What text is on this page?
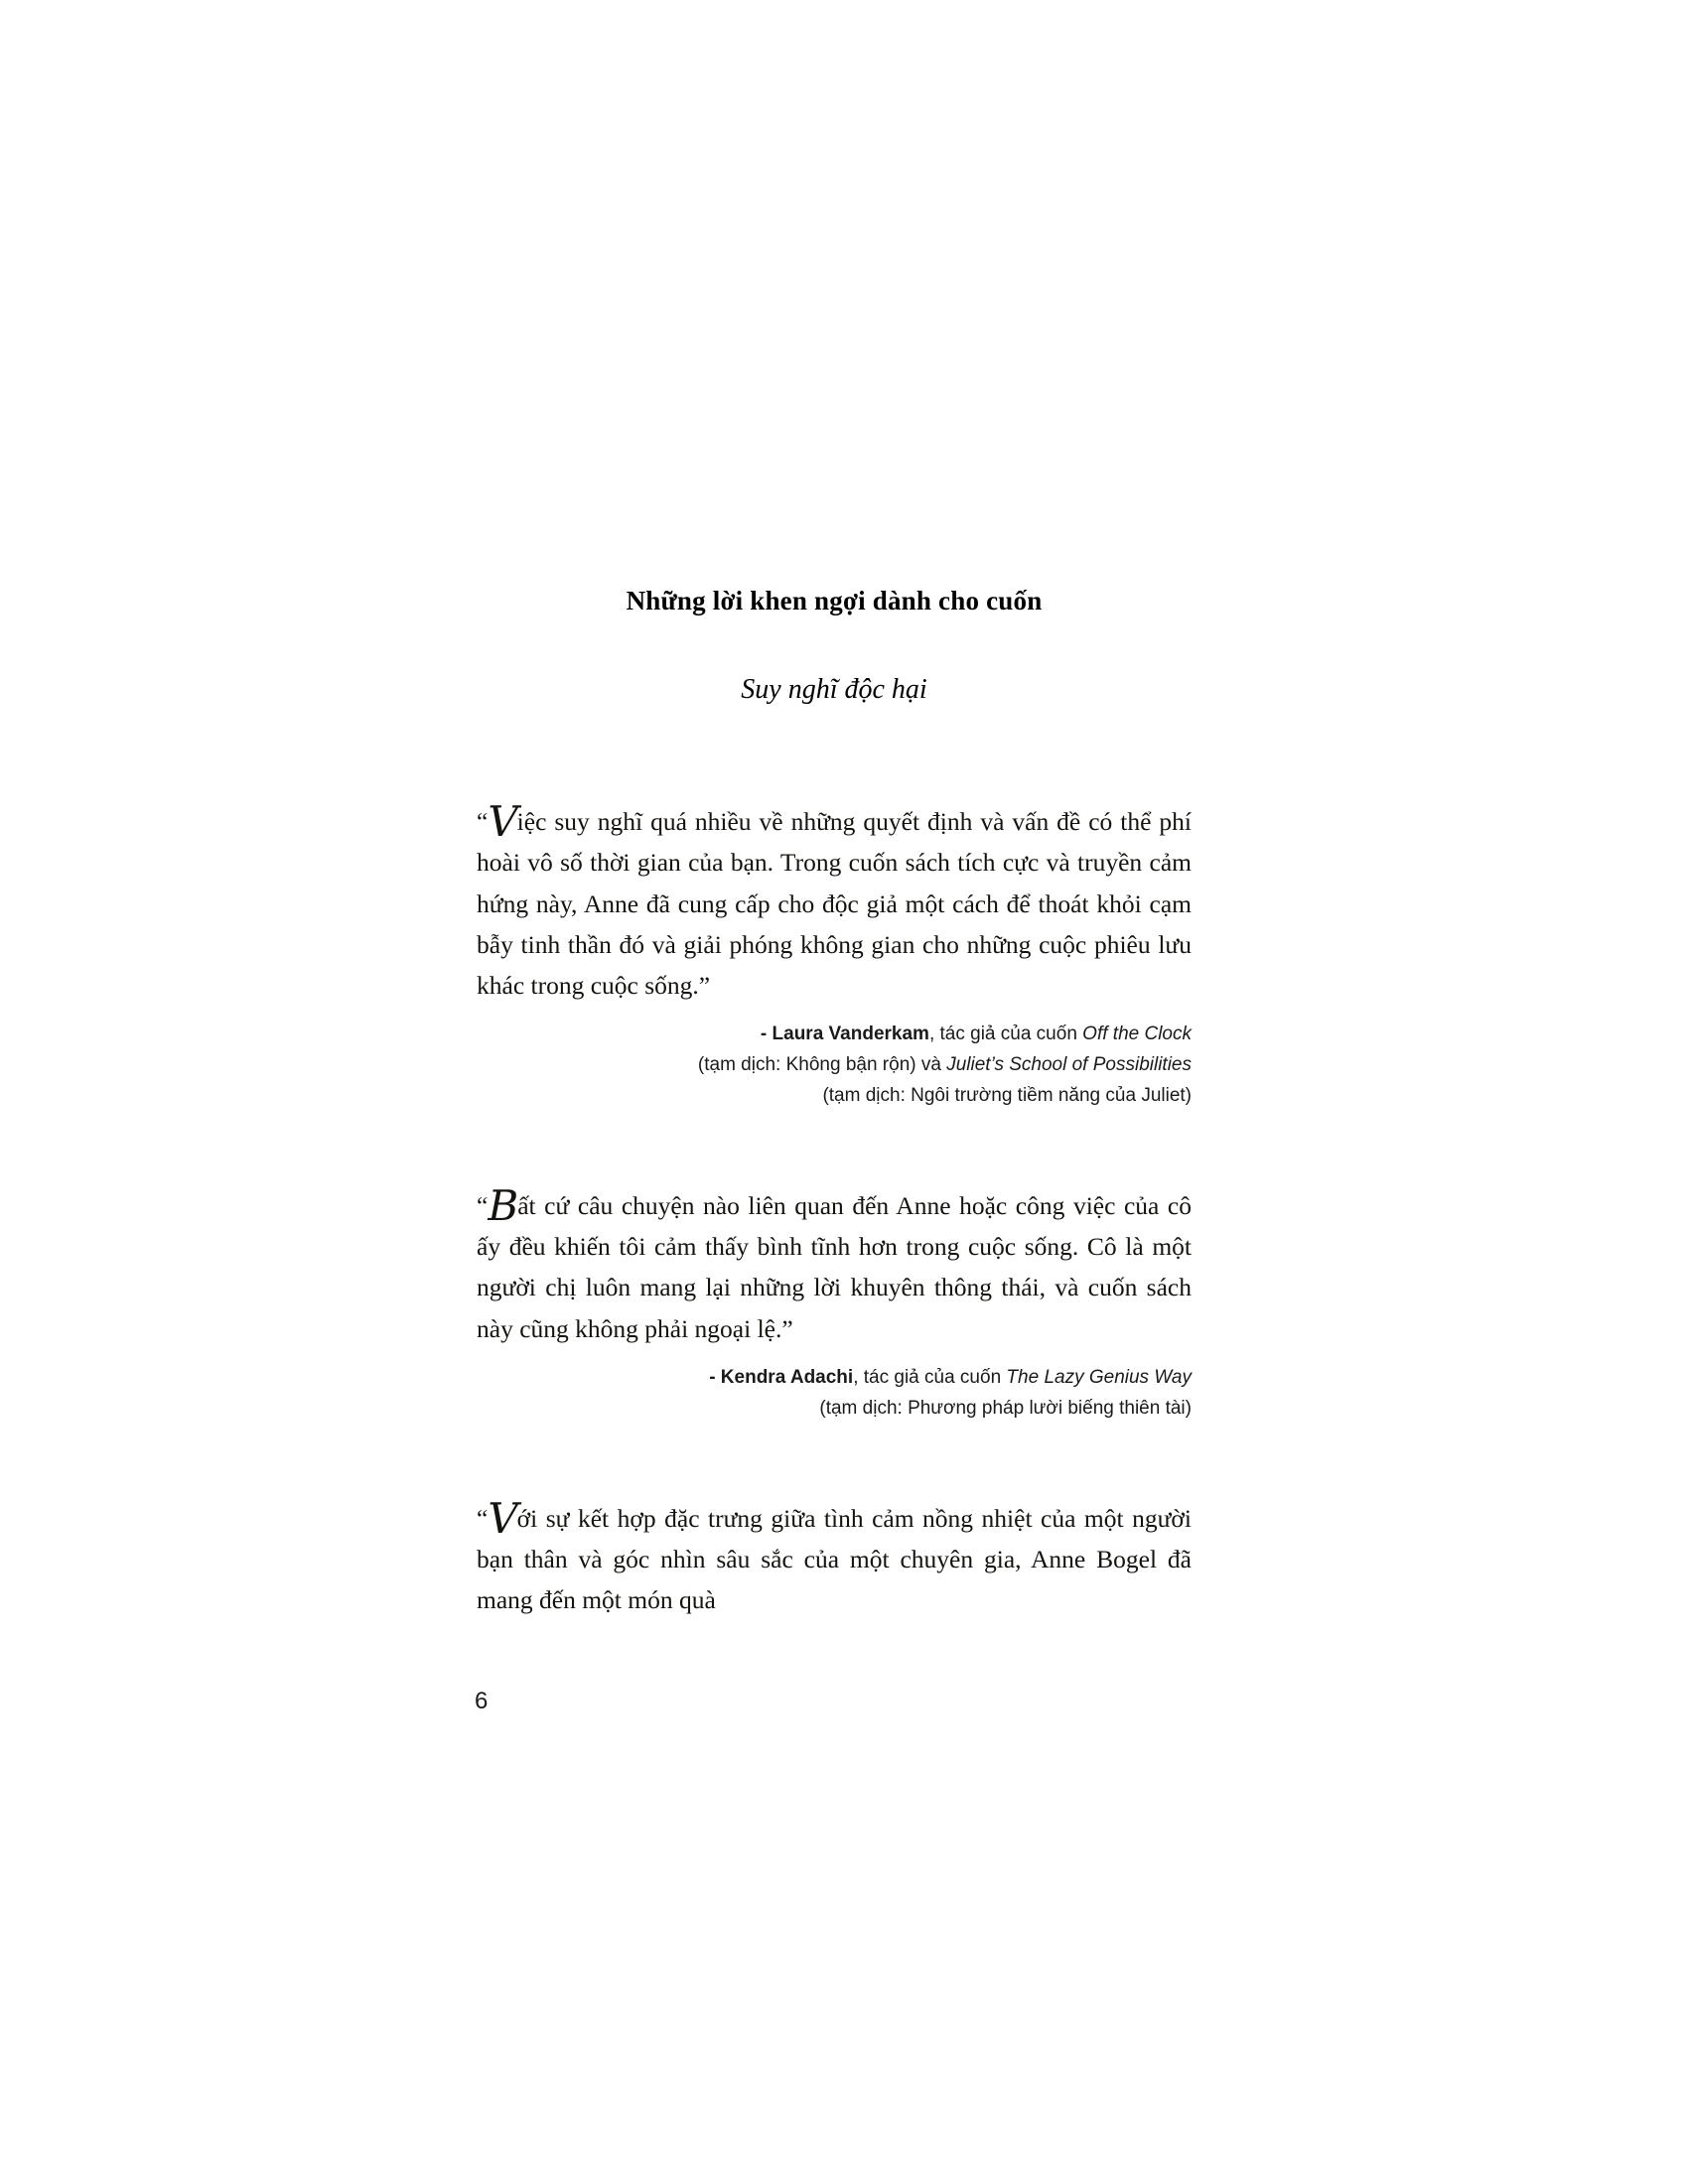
Những lời khen ngợi dành cho cuốn
Suy nghĩ độc hại

“Việc suy nghĩ quá nhiều về những quyết định và vấn đề có thể phí hoài vô số thời gian của bạn. Trong cuốn sách tích cực và truyền cảm hứng này, Anne đã cung cấp cho độc giả một cách để thoát khỏi cạm bẫy tinh thần đó và giải phóng không gian cho những cuộc phiêu lưu khác trong cuộc sống.”

- Laura Vanderkam, tác giả của cuốn Off the Clock
(tạm dịch: Không bận rộn) và Juliet’s School of Possibilities
(tạm dịch: Ngôi trường tiềm năng của Juliet)

“Bất cứ câu chuyện nào liên quan đến Anne hoặc công việc của cô ấy đều khiến tôi cảm thấy bình tĩnh hơn trong cuộc sống. Cô là một người chị luôn mang lại những lời khuyên thông thái, và cuốn sách này cũng không phải ngoại lệ.”

- Kendra Adachi, tác giả của cuốn The Lazy Genius Way
(tạm dịch: Phương pháp lười biếng thiên tài)

“Với sự kết hợp đặc trưng giữa tình cảm nồng nhiệt của một người bạn thân và góc nhìn sâu sắc của một chuyên gia, Anne Bogel đã mang đến một món quà

6
